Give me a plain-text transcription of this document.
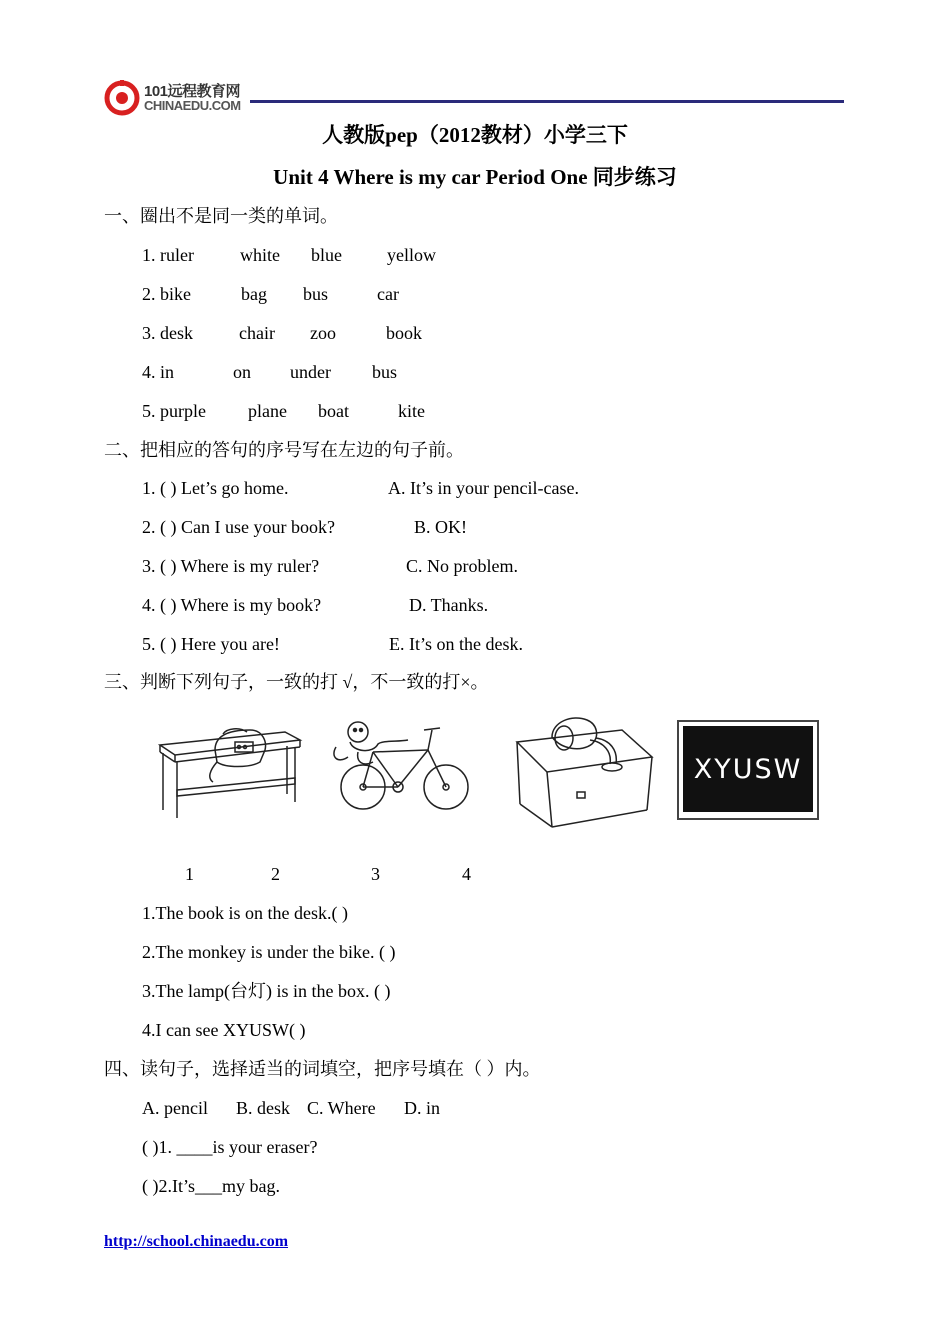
101远程教育网
CHINAEDU.COM
人教版pep（2012教材）小学三下
Unit 4 Where is my car Period One 同步练习
一、圈出不是同一类的单词。
1. ruler	white blue	yellow
2. bike	bag bus	car
3. desk	chair zoo	book
4. in	on under bus
5. purple plane boat	kite
二、把相应的答句的序号写在左边的句子前。
1. ( ) Let’s go home.	A. It’s in your pencil-case.
2. ( ) Can I use your book?	B. OK!
3. ( ) Where is my ruler?	C. No problem.
4. ( ) Where is my book?	D. Thanks.
5. ( ) Here you are!	E. It’s on the desk.
三、判断下列句子，一致的打 √，不一致的打×。
XYUSW
1	2	3	4
1.The book is on the desk.( )
2.The monkey is under the bike. ( )
3.The lamp(台灯) is in the box. ( )
4.I can see XYUSW( )
四、读句子，选择适当的词填空，把序号填在（ ）内。
A. pencil B. desk C. Where D. in
( )1. ____is your eraser?
( )2.It’s___my bag.
http://school.chinaedu.com
